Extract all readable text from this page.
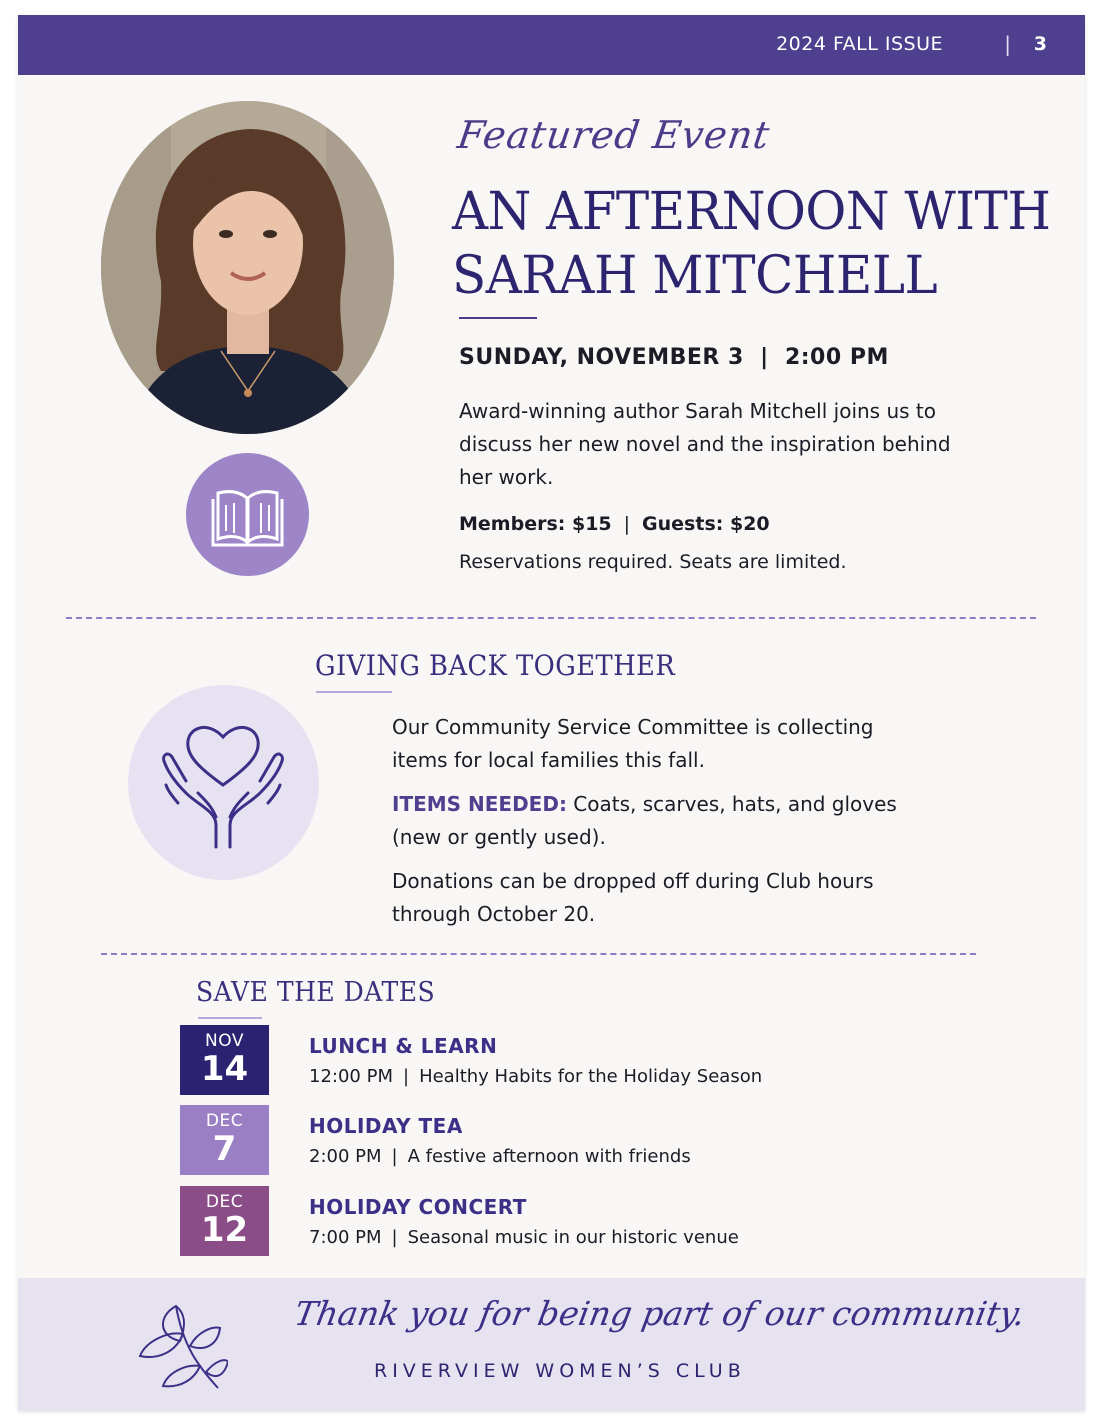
2024 FALL ISSUE	| 3
Featured Event
AN AFTERNOON WITH
SARAH MITCHELL
SUNDAY, NOVEMBER 3  |  2:00 PM
Award-winning author Sarah Mitchell joins us to discuss her new novel and the inspiration behind her work.
Members: $15 | Guests: $20
Reservations required. Seats are limited.
GIVING BACK TOGETHER

Our Community Service Committee is collecting items for local families this fall.

ITEMS NEEDED: Coats, scarves, hats, and gloves (new or gently used).

Donations can be dropped off during Club hours through October 20.

SAVE THE DATES
NOV
14
LUNCH & LEARN
12:00 PM | Healthy Habits for the Holiday Season
DEC
7
HOLIDAY TEA
2:00 PM | A festive afternoon with friends
DEC
12
HOLIDAY CONCERT
7:00 PM | Seasonal music in our historic venue
Thank you for being part of our community.
RIVERVIEW WOMEN’S CLUB
